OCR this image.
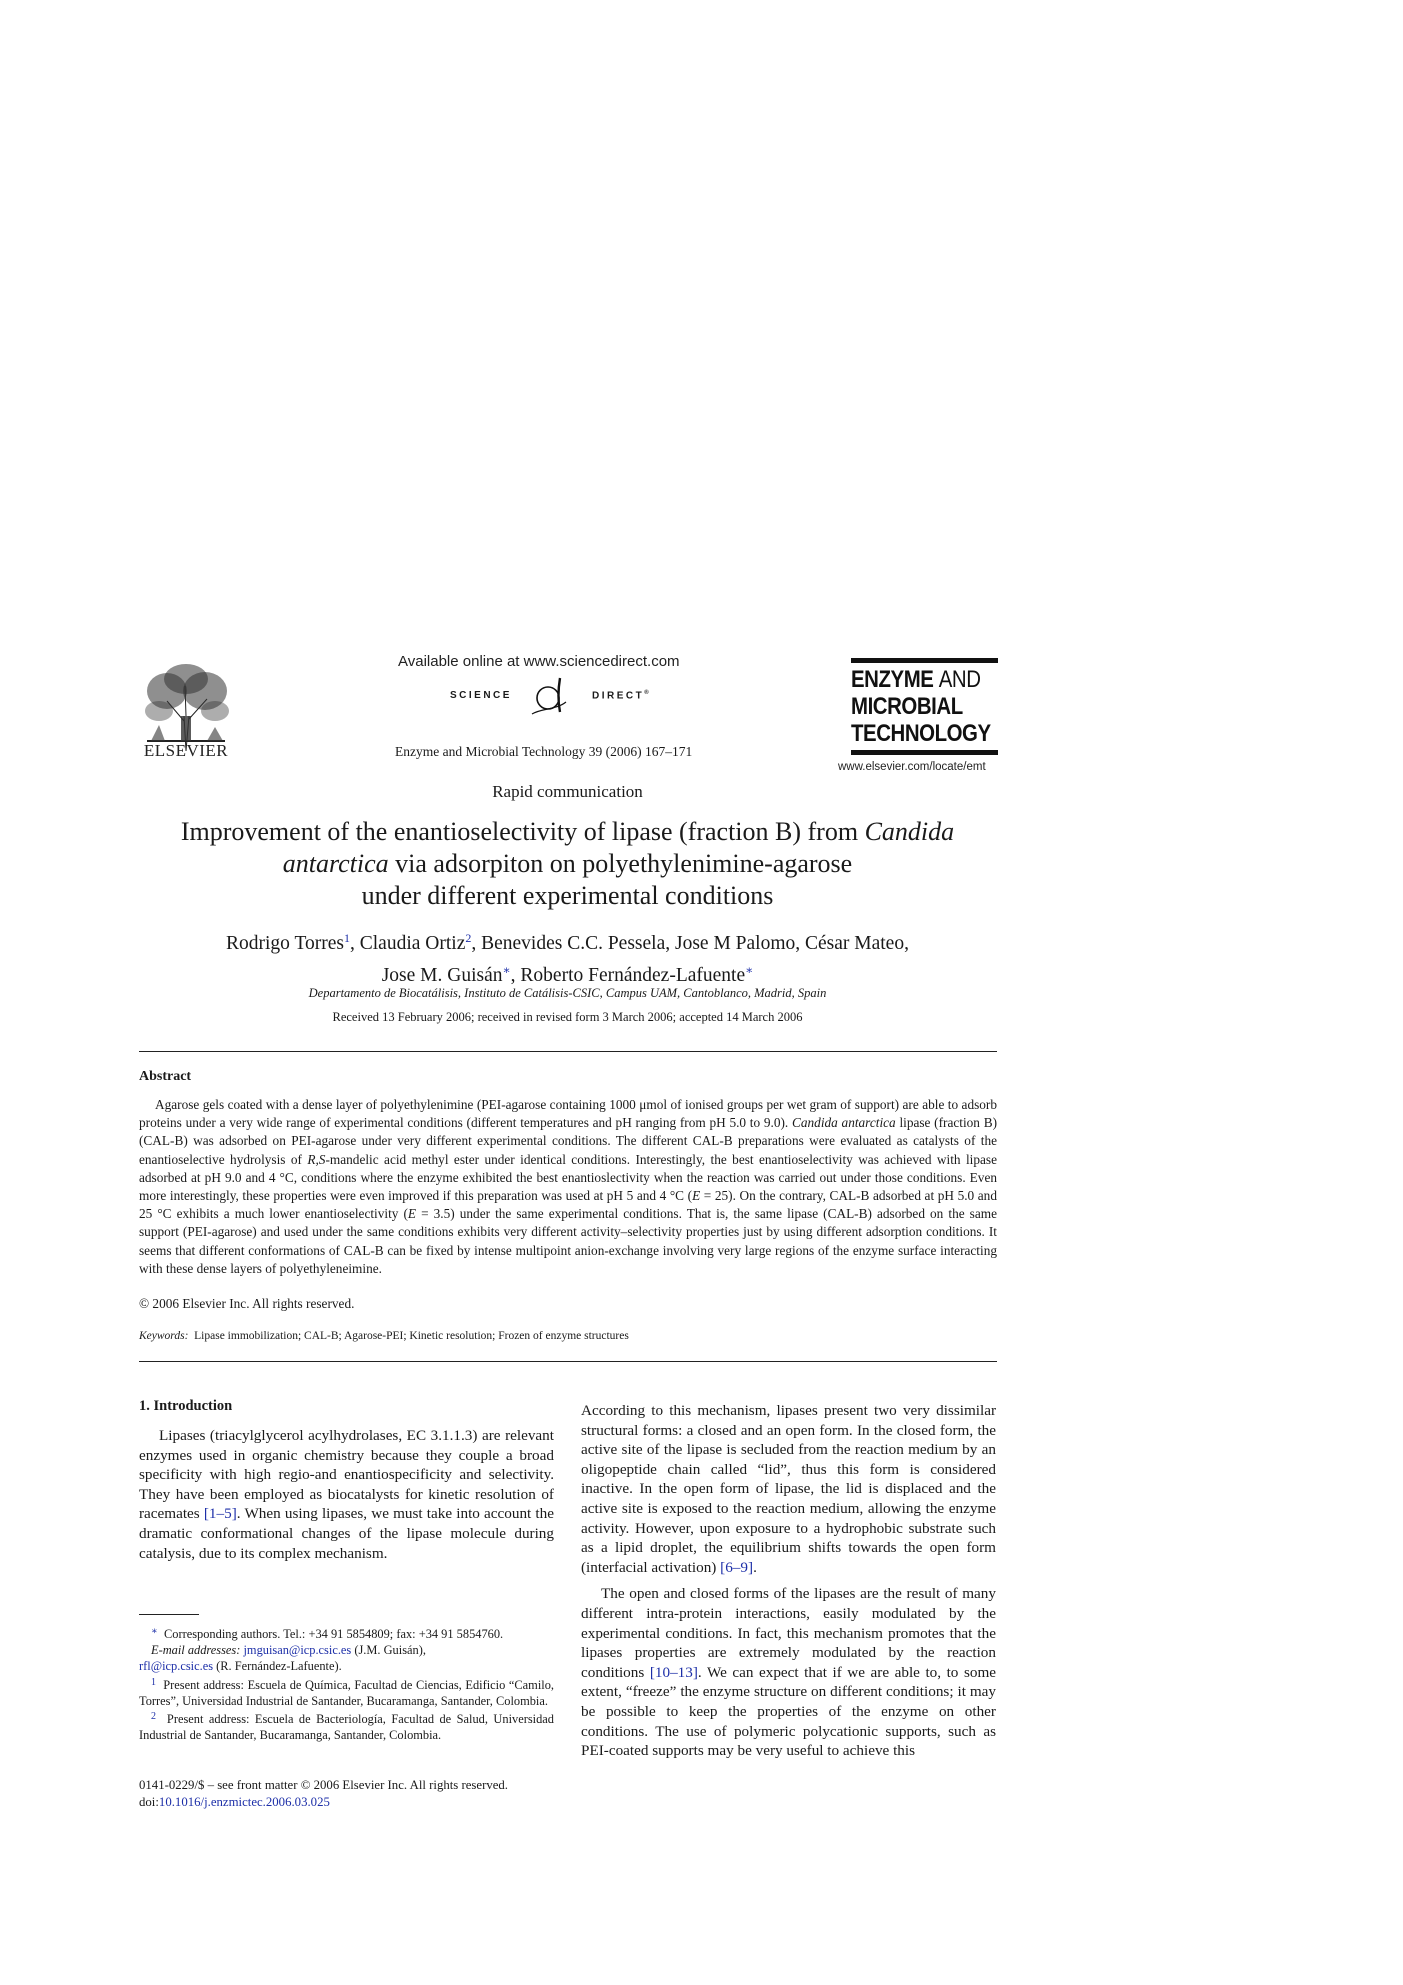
ELSEVIER
Available online at www.sciencedirect.com
SCIENCE	DIRECT®
Enzyme and Microbial Technology 39 (2006) 167–171
ENZYME AND
MICROBIAL
TECHNOLOGY
www.elsevier.com/locate/emt
Rapid communication
Improvement of the enantioselectivity of lipase (fraction B) from Candida antarctica via adsorpiton on polyethylenimine-agarose
under different experimental conditions
Rodrigo Torres$^1$, Claudia Ortiz$^2$, Benevides C.C. Pessela, Jose M Palomo, César Mateo,
Jose M. Guisán∗, Roberto Fernández-Lafuente∗
Departamento de Biocatálisis, Instituto de Catálisis-CSIC, Campus UAM, Cantoblanco, Madrid, Spain
Received 13 February 2006; received in revised form 3 March 2006; accepted 14 March 2006
Abstract
Agarose gels coated with a dense layer of polyethylenimine (PEI-agarose containing 1000 μmol of ionised groups per wet gram of support) are able to adsorb proteins under a very wide range of experimental conditions (different temperatures and pH ranging from pH 5.0 to 9.0). Candida antarctica lipase (fraction B) (CAL-B) was adsorbed on PEI-agarose under very different experimental conditions. The different CAL-B preparations were evaluated as catalysts of the enantioselective hydrolysis of R,S-mandelic acid methyl ester under identical conditions. Interestingly, the best enantioselectivity was achieved with lipase adsorbed at pH 9.0 and 4 °C, conditions where the enzyme exhibited the best enantioslectivity when the reaction was carried out under those conditions. Even more interestingly, these properties were even improved if this preparation was used at pH 5 and 4 °C (E = 25). On the contrary, CAL-B adsorbed at pH 5.0 and 25 °C exhibits a much lower enantioselectivity (E = 3.5) under the same experimental conditions. That is, the same lipase (CAL-B) adsorbed on the same support (PEI-agarose) and used under the same conditions exhibits very different activity–selectivity properties just by using different adsorption conditions. It seems that different conformations of CAL-B can be fixed by intense multipoint anion-exchange involving very large regions of the enzyme surface interacting with these dense layers of polyethyleneimine.
© 2006 Elsevier Inc. All rights reserved.
Keywords: Lipase immobilization; CAL-B; Agarose-PEI; Kinetic resolution; Frozen of enzyme structures
1. Introduction

Lipases (triacylglycerol acylhydrolases, EC 3.1.1.3) are relevant enzymes used in organic chemistry because they couple a broad specificity with high regio-and enantiospecificity and selectivity. They have been employed as biocatalysts for kinetic resolution of racemates [1–5]. When using lipases, we must take into account the dramatic conformational changes of the lipase molecule during catalysis, due to its complex mechanism.

According to this mechanism, lipases present two very dissimilar structural forms: a closed and an open form. In the closed form, the active site of the lipase is secluded from the reaction medium by an oligopeptide chain called “lid”, thus this form is considered inactive. In the open form of lipase, the lid is displaced and the active site is exposed to the reaction medium, allowing the enzyme activity. However, upon exposure to a hydrophobic substrate such as a lipid droplet, the equilibrium shifts towards the open form (interfacial activation) [6–9].

The open and closed forms of the lipases are the result of many different intra-protein interactions, easily modulated by the experimental conditions. In fact, this mechanism promotes that the lipases properties are extremely modulated by the reaction conditions [10–13]. We can expect that if we are able to, to some extent, “freeze” the enzyme structure on different conditions; it may be possible to keep the properties of the enzyme on other conditions. The use of polymeric polycationic supports, such as PEI-coated supports may be very useful to achieve this

∗ Corresponding authors. Tel.: +34 91 5854809; fax: +34 91 5854760.

E-mail addresses: jmguisan@icp.csic.es (J.M. Guisán),

rfl@icp.csic.es (R. Fernández-Lafuente).

$^1$ Present address: Escuela de Química, Facultad de Ciencias, Edificio “Camilo, Torres”, Universidad Industrial de Santander, Bucaramanga, Santander, Colombia.

$^2$ Present address: Escuela de Bacteriología, Facultad de Salud, Universidad Industrial de Santander, Bucaramanga, Santander, Colombia.

0141-0229/$ – see front matter © 2006 Elsevier Inc. All rights reserved.
doi:10.1016/j.enzmictec.2006.03.025
